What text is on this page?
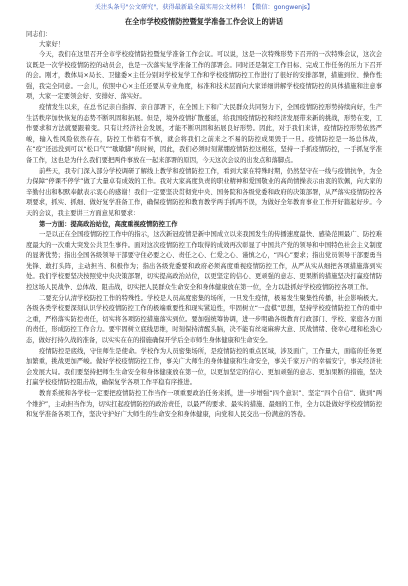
关注头条号"公文研究"，获得最新最全最实用公文材料！【微信：gongwenjs】
在全市学校疫情防控暨复学准备工作会议上的讲话

同志们：

大家好！

今天，我们在这里召开全市学校疫情防控暨复学准备工作会议。可以说，这是一次特殊形势下召开的一次特殊会议，这次会议既是一次学校疫情防控的动员会，也是一次落实复学准备工作的部署会。同时还是制定工作目标、完成工作任务的压力下召开的会。刚才，教体局×局长、卫健委×主任分别对学校复学工作和学校疫情防控工作进行了很好的安排部署，措施到位、操作性强，我完全同意。一会儿，依照中心×主任还要从专业角度，标准和技术层面向大家详细讲解学校疫情防控的具体措施和注意事项，大家一定要领会好、安排好、落实好。

疫情发生以来，在总书记亲自指挥、亲自部署下，在全国上下和广大民群众共同努力下，全国疫情防控形势持续向好，生产生活秩序加快恢复的态势不断巩固和拓展。但是，境外疫情扩散蔓延，给我国疫情防控和经济发展带来新的挑战，形势在变，工作要求和方法就要跟着变。只有让经济社会发展，才能不断巩固和拓展良好形势。因此，对于我们来讲，疫情防控形势依然严峻，输入性风险依然存在，防控工作稍有不慎，就会将我们之前来之不易的防控成果毁于一旦。疫情防控是一场总体战，在“疫”还远没到可以“松口气”“歇歇脚”的时候，因此，我们必须时刻紧绷疫情防控这根弦，坚持一手抓疫情防控，一手抓复学准备工作，这也是为什么我们要把两件事放在一起来部署的原因，今天这次会议的出发点和落脚点。

前些天，我专门深入部分学校调研了解线上教学和疫情防控工作，看到大家在特殊时期，仍然坚守在一线与疫情抗争，为全力保障“停课不停学”做了大量卓有成效的工作。我对大家高度负责的职业精神和爱国敬业的高尚情操表示由衷的钦佩，向大家的辛勤付出和积默奉献表示衷心的感谢！我们一定要坚决贯彻党中央、国务院和各级党委和政府的决策部署，从严落实疫情防控各项要求，抓实、抓细、做好复学准备工作，确保疫情防控和教育教学两手抓两不误，为做好全年教育事业工作开好篇起好步。今天的会议，我主要讲三方面意见和要求：

第一方面：提高政治站位，高度重视疫情防控工作

一是以正在全国疫情防控工作中的指示，这次新冠疫情是新中国成立以来我国发生的传播速度最快、感染范围最广、防控难度最大的一次重大突发公共卫生事件。面对这次疫情防控工作取得的成效再次彰显了中国共产党的领导和中国特色社会主义制度的显著优势；指出全国各级领导干部要守住必要之心、责任之心、仁爱之心、谨慎之心，“四心”要求；指出党员领导干部要勇当先锋、敢打头阵，主动担当、积极作为；指出各级党委要和政府必须高度重视疫情防控工作，从严从实从细把各项措施落到实处。我们学校要坚决按照党中央决策部署，切实提高政治站位，以更坚定的信心、更顽强的意志、更果断的措施坚决打赢疫情防控这场人民战争、总体战、阻击战，切实把人民群众生命安全和身体健康放在第一位，全力以赴抓好学校疫情防控各项工作。

二要充分认清学校防控工作的特殊性。学校是人员高度密集的场所，一旦发生疫情，极易发生聚集性传播，社会影响极大。各级各类学校要深刻认识学校疫情防控工作的极端重要性和现实紧迫性，牢固树立“一盘棋”思想，坚持学校疫情防控工作的重中之重，严格落实防控责任，切实将各项防控措施落实到位。要加强统筹协调，进一步明确各级教育行政部门、学校、家庭各方面的责任，形成防控工作合力。要牢固树立底线思维，时刻保持清醒头脑，决不能有丝毫麻痹大意、厌战情绪、侥幸心理和松劲心态，做好打持久战的准备，以实实在在的措施确保开学后全市师生身体健康和生命安全。

疫情防控是底线，守住师生是使命。学校作为人员密集场所，是疫情防控的重点区域，涉及面广，工作量大，面临的任务更加繁重，挑战更加严峻。做好学校疫情防控工作，事关广大师生的身体健康和生命安全，事关千家万户的幸福安宁，事关经济社会发展大局。我们要坚持把师生生命安全和身体健康放在第一位，以更加坚定的信心、更加顽强的意志、更加果断的措施，坚决打赢学校疫情防控阻击战，确保复学各项工作平稳有序推进。

教育系统和各学校一定要把疫情防控工作当作一项重要政治任务来抓，进一步增强“四个意识”、坚定“四个自信”、做到“两个维护”，主动担当作为，切实扛起疫情防控的政治责任，以最严的要求、最实的措施、最细的工作，全力以赴做好学校疫情防控和复学准备各项工作，坚决守护好广大师生的生命安全和身体健康，向党和人民交出一份满意的答卷。
